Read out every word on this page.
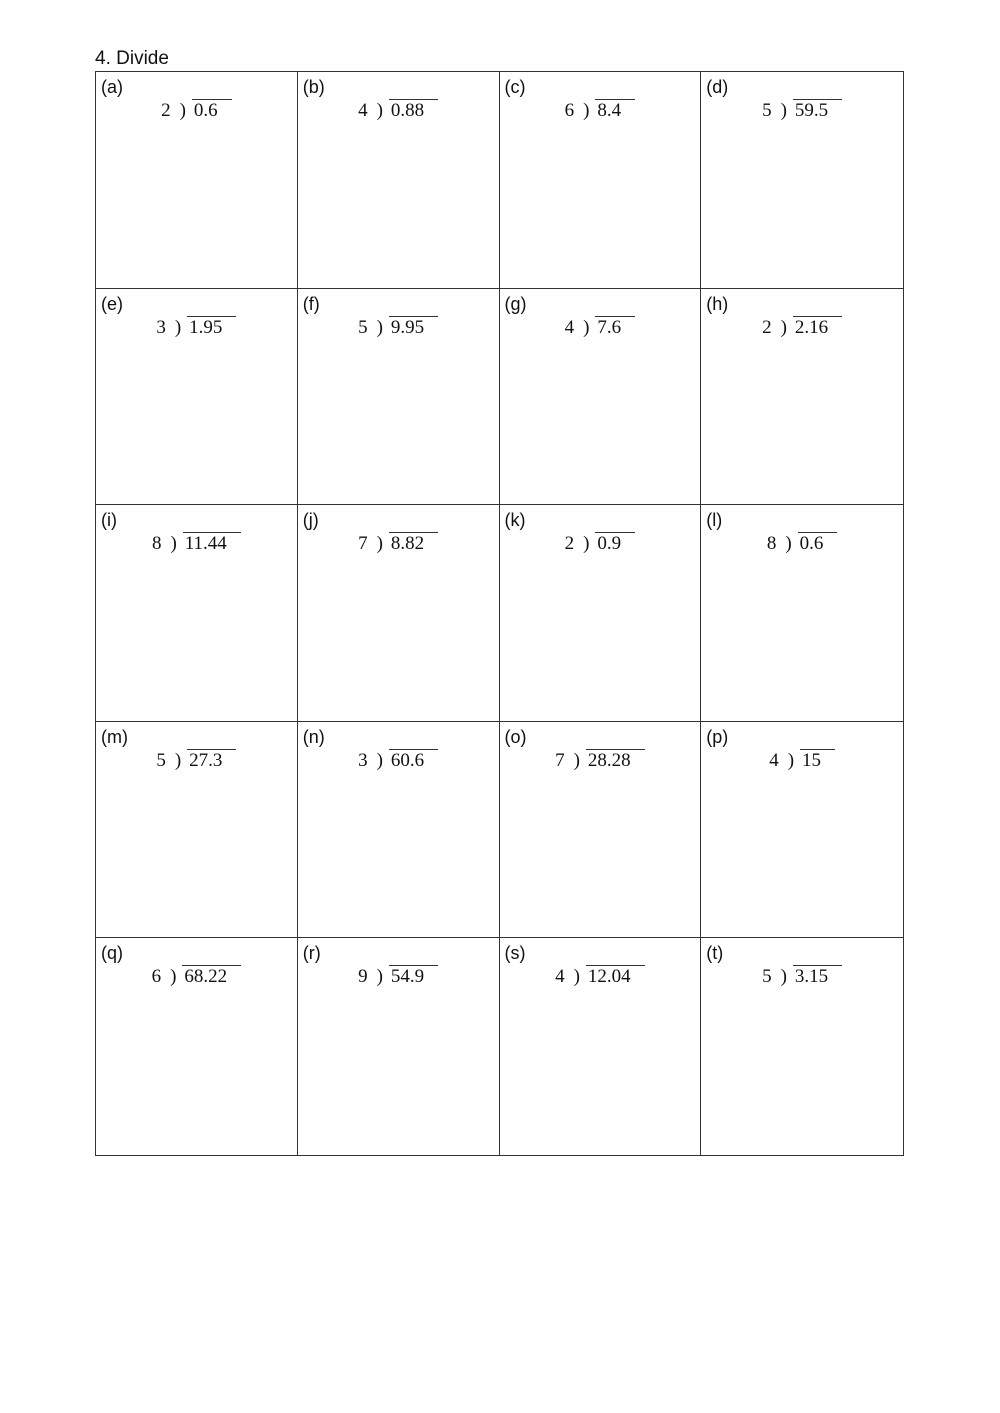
4. Divide
(a)
2 ) 0.6
(b)
4 ) 0.88
(c)
6 ) 8.4
(d)
5 ) 59.5
(e)
3 ) 1.95
(f)
5 ) 9.95
(g)
4 ) 7.6
(h)
2 ) 2.16
(i)
8 ) 11.44
(j)
7 ) 8.82
(k)
2 ) 0.9
(l)
8 ) 0.6
(m)
5 ) 27.3
(n)
3 ) 60.6
(o)
7 ) 28.28
(p)
4 ) 15
(q)
6 ) 68.22
(r)
9 ) 54.9
(s)
4 ) 12.04
(t)
5 ) 3.15
